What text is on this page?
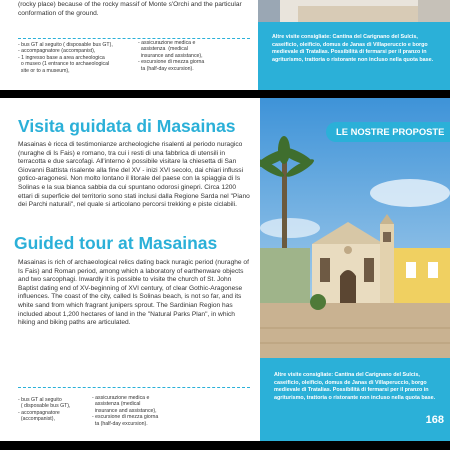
(rocky place) because of the rocky massif of Monte s'Orchi and the particular conformation of the ground.
- bus GT al seguito ( disposable bus GT),
- accompagnatore (accompanist),
- 1 ingresso base a area archeologica
o museo (1 entrance to archaeological
site or to a museum),
- assicurazione medica e
assistenza  (medical
insurance and assistance),
- escursione di mezza giorna
ta (half-day excursion).
Altre visite consigliate: Cantina del Carignano del Sulcis, caseificio, oleificio, domus de Janas di Villaperuccio e borgo medievale di Tratalias. Possibilità di fermarsi per il pranzo in agriturismo, trattoria o ristorante non incluso nella quota base.
Visita guidata di Masainas
Masainas è ricca di testimonianze archeologiche risalenti al periodo nuragico (nuraghe di Is Fais) e romano, tra cui i resti di una fabbrica di utensili in terracotta e due sarcofagi. All'interno è possibile visitare la chiesetta di San Giovanni Battista risalente alla fine del XV - inizi XVI secolo, dai chiari influssi gotico-aragonesi. Non molto lontano il litorale del paese con la spiaggia di Is Solinas e la sua bianca sabbia da cui spuntano odorosi ginepri. Circa 1200 ettari di superficie del territorio sono stati inclusi dalla Regione Sarda nel "Piano dei Parchi naturali", nel quale si articolano percorsi trekking e piste ciclabili.
Guided tour at Masainas
Masainas is rich of archaeological relics dating back nuragic period (nuraghe of Is Fais) and Roman period, among which a laboratory of earthenware objects and two sarcophagi. Inwardly it is possible to visite the church of St. John Baptist dating end of XV-beginning of XVI century, of clear Gothic-Aragonese influences. The coast of the city, called Is Solinas beach, is not so far, and its white sand from which fragrant junipers sprout. The Sardinian Region has included about 1,200 hectares of land in the "Natural Parks Plan", in which hiking and biking paths are articulated.
- bus GT al seguito
( disposable bus GT),
- accompagnatore
(accompanist),
- assicurazione medica e
assistenza (medical
insurance and assistance),
- escursione di mezza giorna
ta (half-day excursion).
LE NOSTRE PROPOSTE
Altre visite consigliate: Cantina del Carignano del Sulcis, caseificio, oleificio, domus de Janas di Villaperuccio, borgo medievale di Tratalias. Possibilità di fermarsi per il pranzo in agriturismo, trattoria o ristorante non incluso nella quota base.
168
